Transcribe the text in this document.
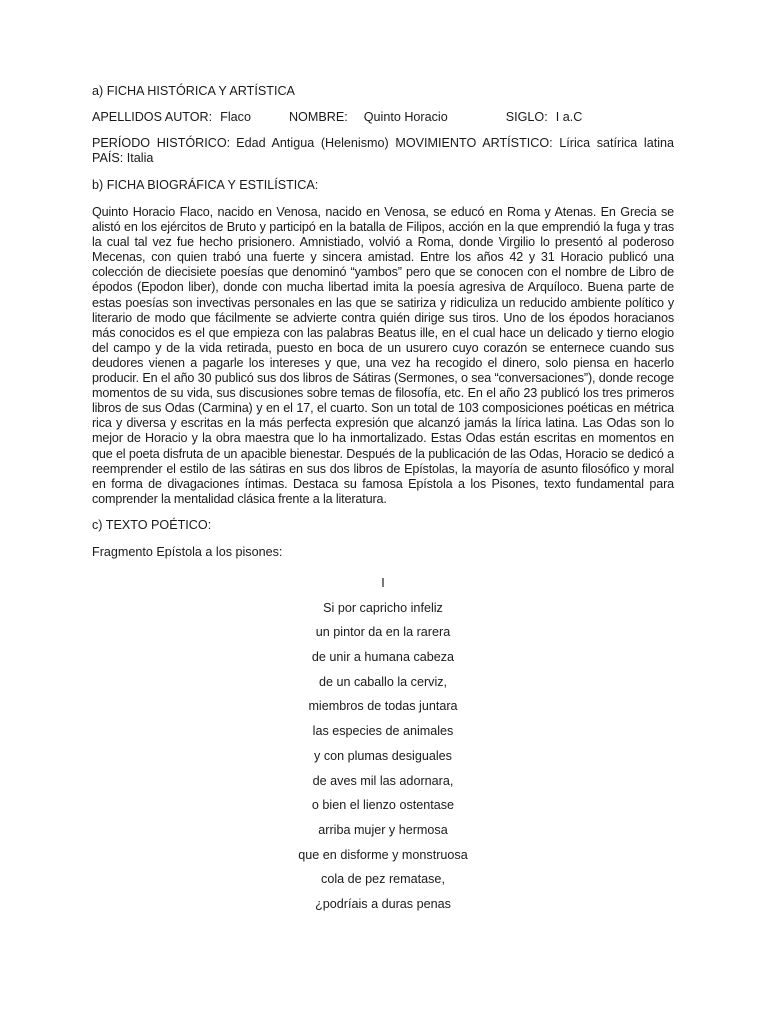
a) FICHA HISTÓRICA Y ARTÍSTICA
APELLIDOS AUTOR: Flaco	NOMBRE: Quinto Horacio	SIGLO: I a.C
PERÍODO HISTÓRICO: Edad Antigua (Helenismo) MOVIMIENTO ARTÍSTICO: Lírica satírica latina PAÍS: Italia
b) FICHA BIOGRÁFICA Y ESTILÍSTICA:

Quinto Horacio Flaco, nacido en Venosa, nacido en Venosa, se educó en Roma y Atenas. En Grecia se alistó en los ejércitos de Bruto y participó en la batalla de Filipos, acción en la que emprendió la fuga y tras la cual tal vez fue hecho prisionero. Amnistiado, volvió a Roma, donde Virgilio lo presentó al poderoso Mecenas, con quien trabó una fuerte y sincera amistad. Entre los años 42 y 31 Horacio publicó una colección de diecisiete poesías que denominó “yambos” pero que se conocen con el nombre de Libro de épodos (Epodon liber), donde con mucha libertad imita la poesía agresiva de Arquíloco. Buena parte de estas poesías son invectivas personales en las que se satiriza y ridiculiza un reducido ambiente político y literario de modo que fácilmente se advierte contra quién dirige sus tiros. Uno de los épodos horacianos más conocidos es el que empieza con las palabras Beatus ille, en el cual hace un delicado y tierno elogio del campo y de la vida retirada, puesto en boca de un usurero cuyo corazón se enternece cuando sus deudores vienen a pagarle los intereses y que, una vez ha recogido el dinero, solo piensa en hacerlo producir. En el año 30 publicó sus dos libros de Sátiras (Sermones, o sea “conversaciones”), donde recoge momentos de su vida, sus discusiones sobre temas de filosofía, etc. En el año 23 publicó los tres primeros libros de sus Odas (Carmina) y en el 17, el cuarto. Son un total de 103 composiciones poéticas en métrica rica y diversa y escritas en la más perfecta expresión que alcanzó jamás la lírica latina. Las Odas son lo mejor de Horacio y la obra maestra que lo ha inmortalizado. Estas Odas están escritas en momentos en que el poeta disfruta de un apacible bienestar. Después de la publicación de las Odas, Horacio se dedicó a reemprender el estilo de las sátiras en sus dos libros de Epístolas, la mayoría de asunto filosófico y moral en forma de divagaciones íntimas. Destaca su famosa Epístola a los Pisones, texto fundamental para comprender la mentalidad clásica frente a la literatura.

c) TEXTO POÉTICO:
Fragmento Epístola a los pisones:
I
Si por capricho infeliz
un pintor da en la rarera
de unir a humana cabeza
de un caballo la cerviz,
miembros de todas juntara
las especies de animales
y con plumas desiguales
de aves mil las adornara,
o bien el lienzo ostentase
arriba mujer y hermosa
que en disforme y monstruosa
cola de pez rematase,
¿podríais a duras penas
